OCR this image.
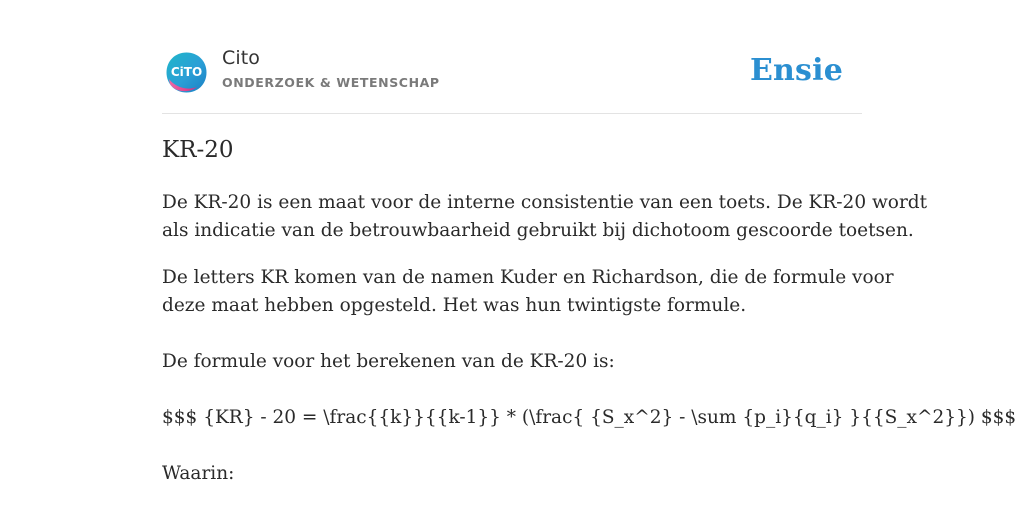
CiTO
Cito
ONDERZOEK & WETENSCHAP	Ensie
KR-20

De KR-20 is een maat voor de interne consistentie van een toets. De KR-20 wordt
als indicatie van de betrouwbaarheid gebruikt bij dichotoom gescoorde toetsen.

De letters KR komen van de namen Kuder en Richardson, die de formule voor
deze maat hebben opgesteld. Het was hun twintigste formule.

De formule voor het berekenen van de KR-20 is:

$$$ {KR} - 20 = \frac{{k}}{{k-1}} * (\frac{ {S_x^2} - \sum {p_i}{q_i} }{{S_x^2}}) $$$

Waarin:
